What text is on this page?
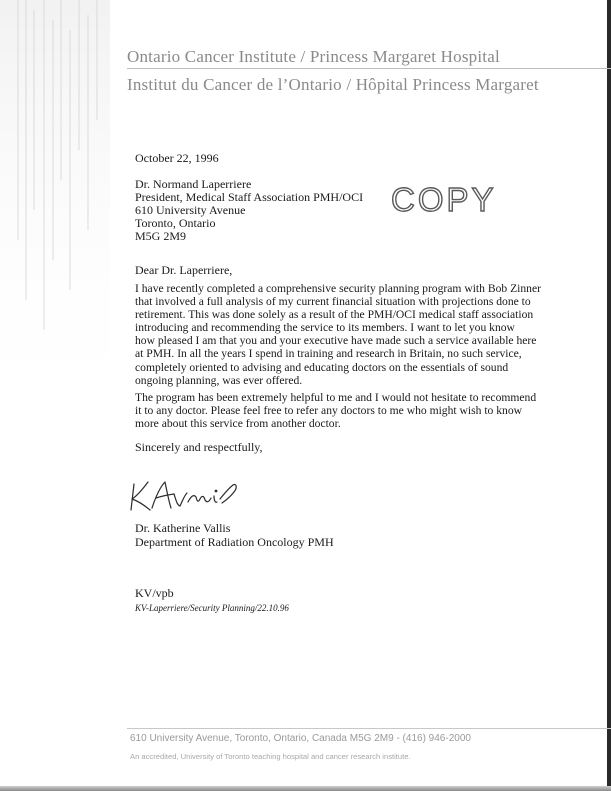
Ontario Cancer Institute / Princess Margaret Hospital
Institut du Cancer de l’Ontario / Hôpital Princess Margaret
October 22, 1996
Dr. Normand Laperriere
President, Medical Staff Association PMH/OCI
610 University Avenue
Toronto, Ontario
M5G 2M9
COPY
Dear Dr. Laperriere,
I have recently completed a comprehensive security planning program with Bob Zinner
that involved a full analysis of my current financial situation with projections done to
retirement. This was done solely as a result of the PMH/OCI medical staff association
introducing and recommending the service to its members. I want to let you know
how pleased I am that you and your executive have made such a service available here
at PMH. In all the years I spend in training and research in Britain, no such service,
completely oriented to advising and educating doctors on the essentials of sound
ongoing planning, was ever offered.
The program has been extremely helpful to me and I would not hesitate to recommend
it to any doctor. Please feel free to refer any doctors to me who might wish to know
more about this service from another doctor.
Sincerely and respectfully,
Dr. Katherine Vallis
Department of Radiation Oncology PMH
KV/vpb
KV-Laperriere/Security Planning/22.10.96
610 University Avenue, Toronto, Ontario, Canada M5G 2M9 - (416) 946-2000
An accredited, University of Toronto teaching hospital and cancer research institute.
